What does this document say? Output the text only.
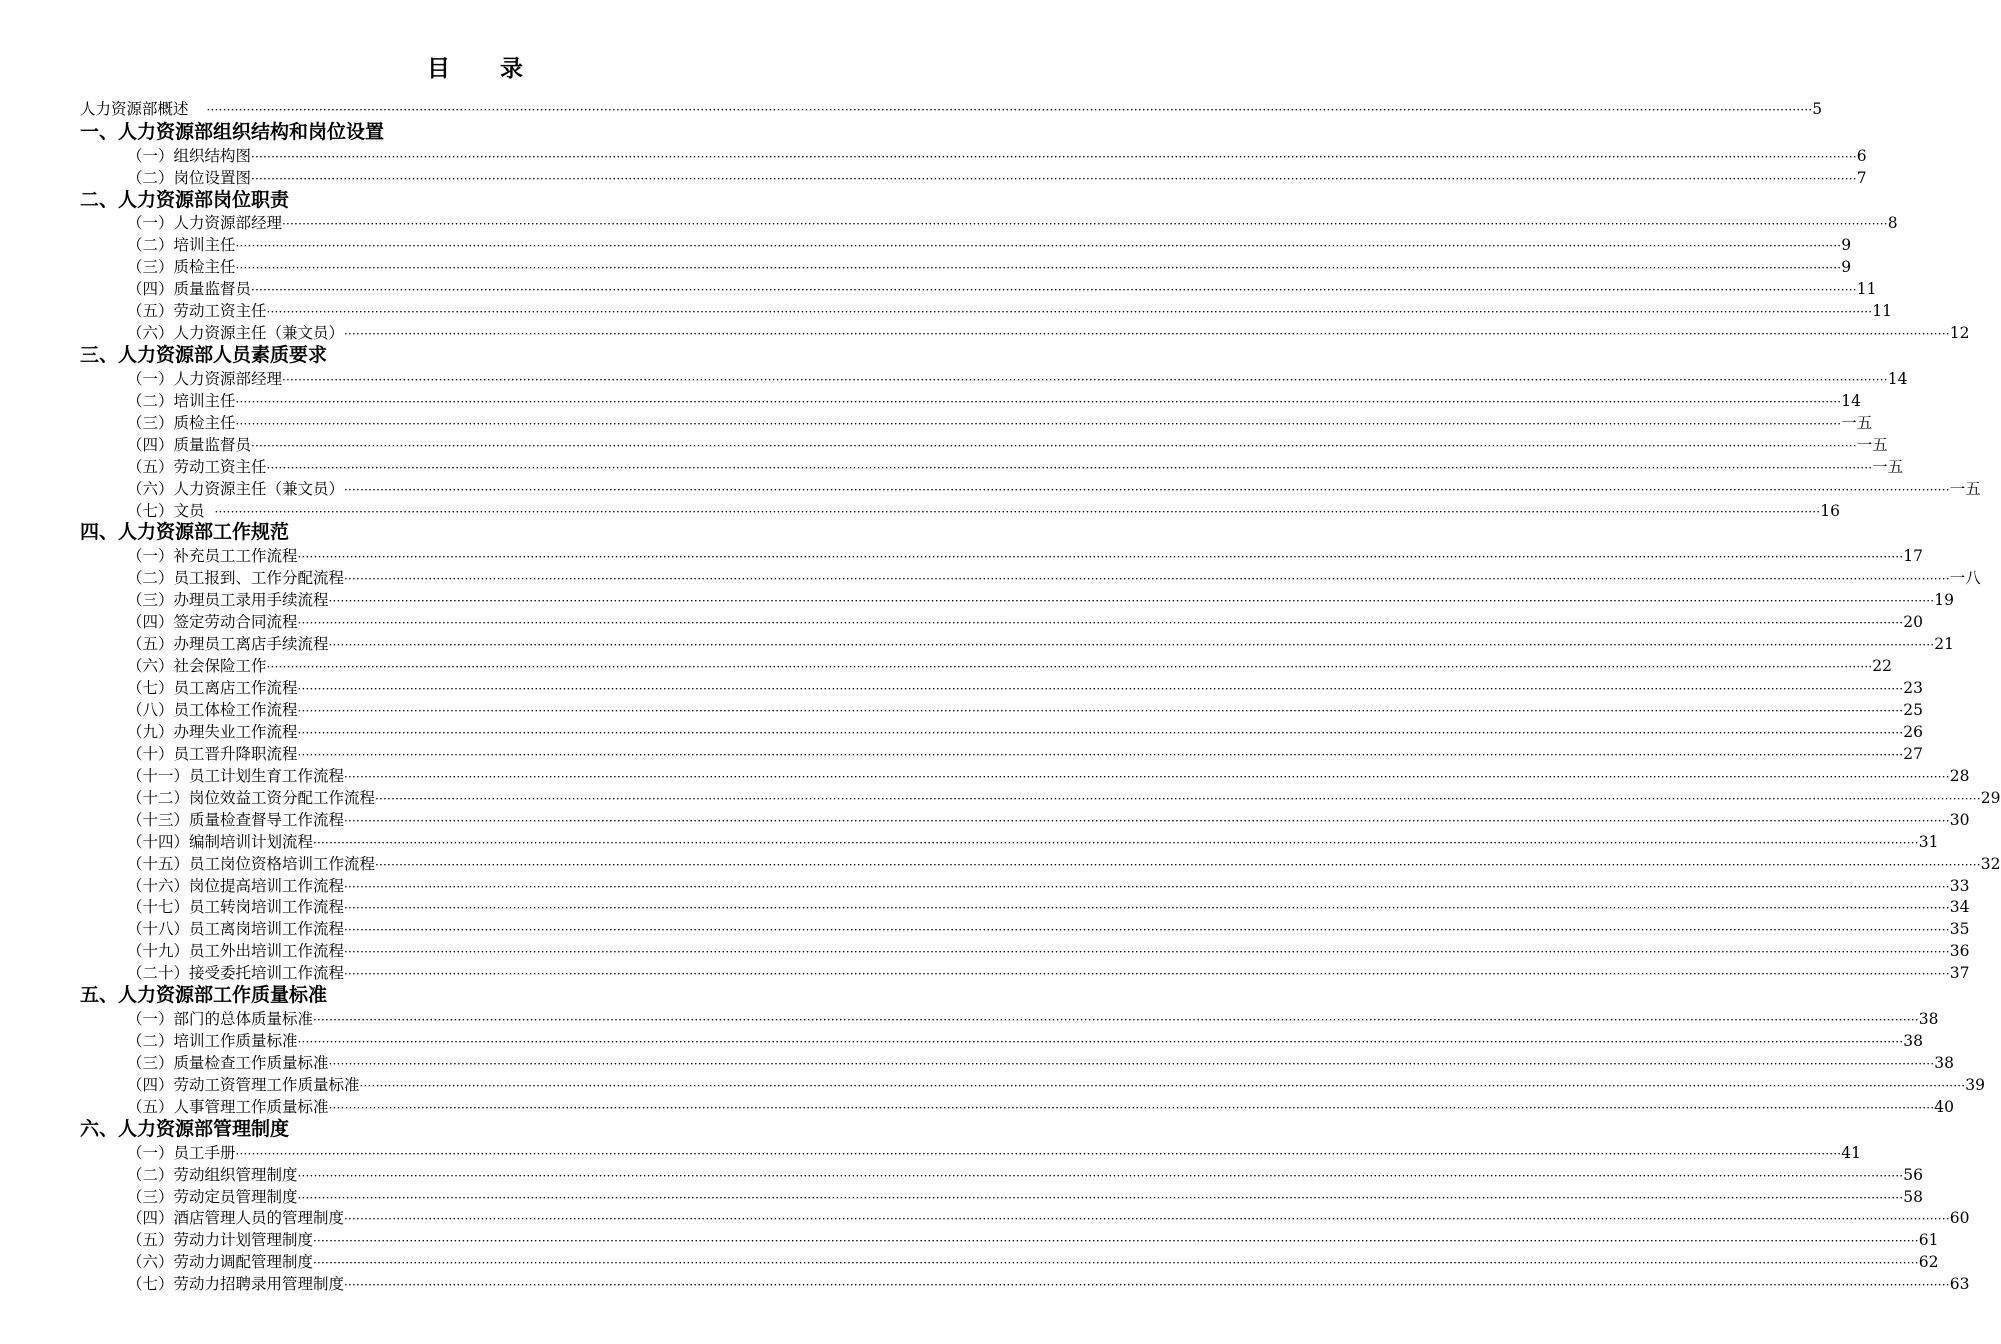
目 录
人力资源部概述 ················································································································································································································································································································································································································ 5
一、人力资源部组织结构和岗位设置
（一）组织结构图 ················································································································································································································································································································································································································ 6
（二）岗位设置图 ················································································································································································································································································································································································································ 7
二、人力资源部岗位职责
（一）人力资源部经理 ················································································································································································································································································································································································································ 8
（二）培训主任 ················································································································································································································································································································································································································ 9
（三）质检主任 ················································································································································································································································································································································································································ 9
（四）质量监督员 ················································································································································································································································································································································································································ 11
（五）劳动工资主任 ················································································································································································································································································································································································································ 11
（六）人力资源主任（兼文员） ················································································································································································································································································································································································································ 12
三、人力资源部人员素质要求
（一）人力资源部经理 ················································································································································································································································································································································································································ 14
（二）培训主任 ················································································································································································································································································································································································································ 14
（三）质检主任 ················································································································································································································································································································································································································ 一五
（四）质量监督员 ················································································································································································································································································································································································································ 一五
（五）劳动工资主任 ················································································································································································································································································································································································································ 一五
（六）人力资源主任（兼文员） ················································································································································································································································································································································································································ 一五
（七）文员 ················································································································································································································································································································································································································ 16
四、人力资源部工作规范
（一）补充员工工作流程 ················································································································································································································································································································································································································ 17
（二）员工报到、工作分配流程 ················································································································································································································································································································································································································ 一八
（三）办理员工录用手续流程 ················································································································································································································································································································································································································ 19
（四）签定劳动合同流程 ················································································································································································································································································································································································································ 20
（五）办理员工离店手续流程 ················································································································································································································································································································································································································ 21
（六）社会保险工作 ················································································································································································································································································································································································································ 22
（七）员工离店工作流程 ················································································································································································································································································································································································································ 23
（八）员工体检工作流程 ················································································································································································································································································································································································································ 25
（九）办理失业工作流程 ················································································································································································································································································································································································································ 26
（十）员工晋升降职流程 ················································································································································································································································································································································································································ 27
（十一）员工计划生育工作流程 ················································································································································································································································································································································································································ 28
（十二）岗位效益工资分配工作流程 ················································································································································································································································································································································································································ 29
（十三）质量检查督导工作流程 ················································································································································································································································································································································································································ 30
（十四）编制培训计划流程 ················································································································································································································································································································································································································ 31
（十五）员工岗位资格培训工作流程 ················································································································································································································································································································································································································ 32
（十六）岗位提高培训工作流程 ················································································································································································································································································································································································································ 33
（十七）员工转岗培训工作流程 ················································································································································································································································································································································································································ 34
（十八）员工离岗培训工作流程 ················································································································································································································································································································································································································ 35
（十九）员工外出培训工作流程 ················································································································································································································································································································································································································ 36
（二十）接受委托培训工作流程 ················································································································································································································································································································································································································ 37
五、人力资源部工作质量标准
（一）部门的总体质量标准 ················································································································································································································································································································································································································ 38
（二）培训工作质量标准 ················································································································································································································································································································································································································ 38
（三）质量检查工作质量标准 ················································································································································································································································································································································································································ 38
（四）劳动工资管理工作质量标准 ················································································································································································································································································································································································································ 39
（五）人事管理工作质量标准 ················································································································································································································································································································································································································ 40
六、人力资源部管理制度
（一）员工手册 ················································································································································································································································································································································································································ 41
（二）劳动组织管理制度 ················································································································································································································································································································································································································ 56
（三）劳动定员管理制度 ················································································································································································································································································································································································································ 58
（四）酒店管理人员的管理制度 ················································································································································································································································································································································································································ 60
（五）劳动力计划管理制度 ················································································································································································································································································································································································································ 61
（六）劳动力调配管理制度 ················································································································································································································································································································································································································ 62
（七）劳动力招聘录用管理制度 ················································································································································································································································································································································································································ 63
